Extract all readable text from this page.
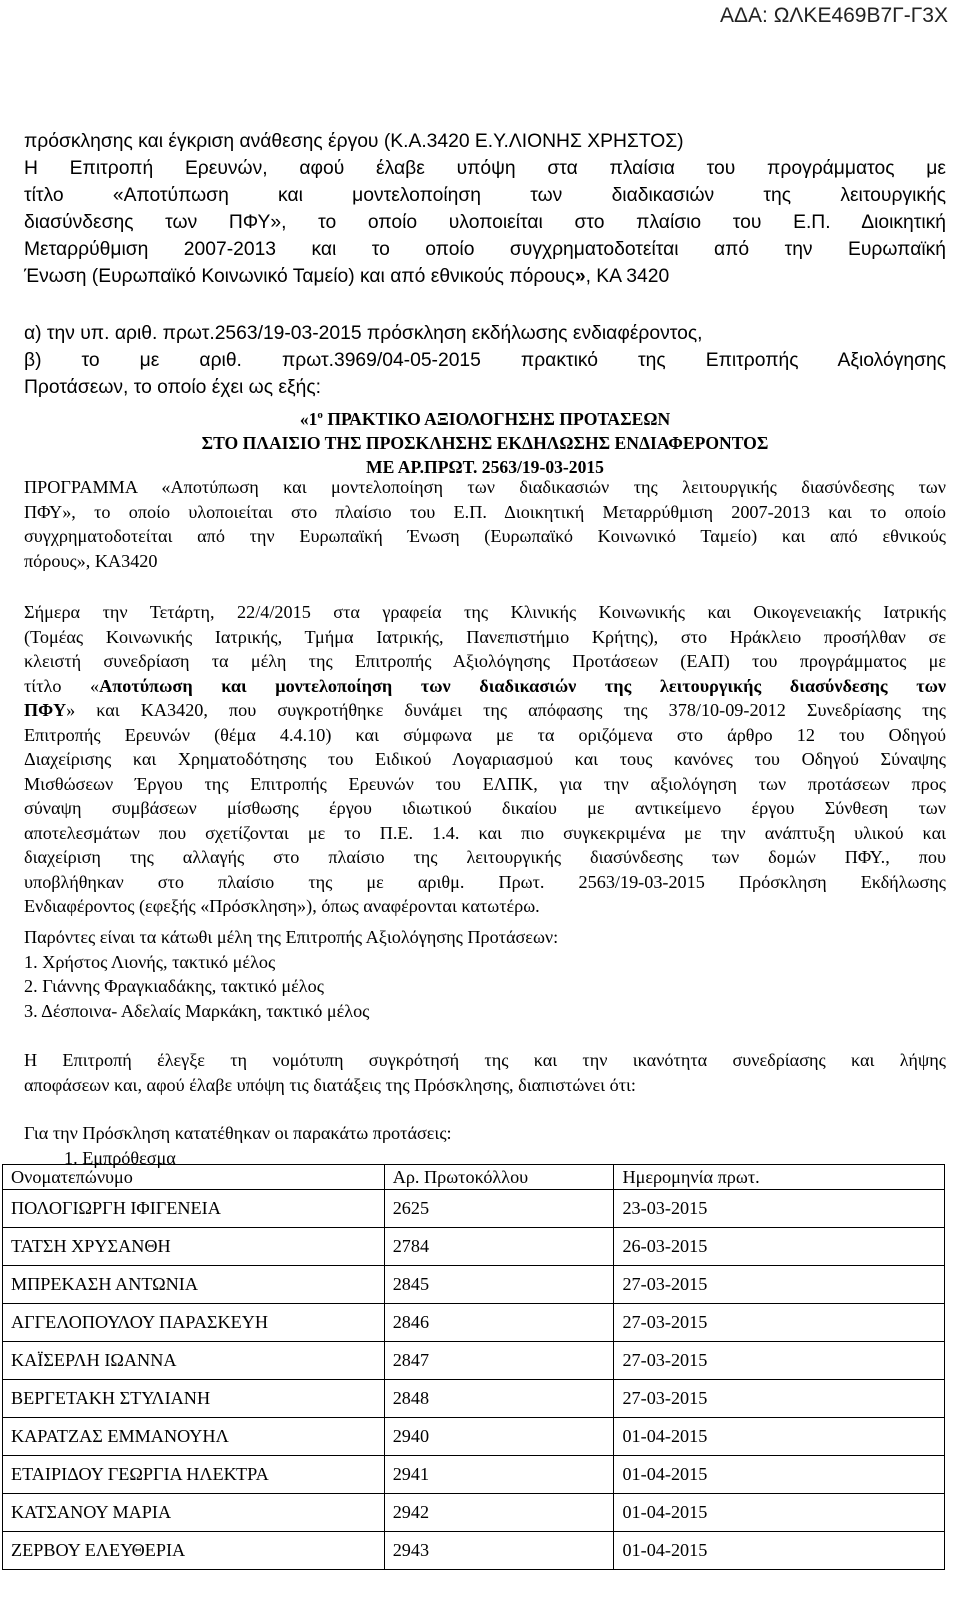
ΑΔΑ: ΩΛΚΕ469Β7Γ-Γ3Χ
πρόσκλησης και έγκριση ανάθεσης έργου (Κ.Α.3420 Ε.Υ.ΛΙΟΝΗΣ ΧΡΗΣΤΟΣ)
Η Επιτροπή Ερευνών, αφού έλαβε υπόψη στα πλαίσια του προγράμματος με
τίτλο «Αποτύπωση και μοντελοποίηση των διαδικασιών της λειτουργικής
διασύνδεσης των ΠΦΥ», το οποίο υλοποιείται στο πλαίσιο του Ε.Π. Διοικητική
Μεταρρύθμιση 2007-2013 και το οποίο συγχρηματοδοτείται από την Ευρωπαϊκή
Ένωση (Ευρωπαϊκό Κοινωνικό Ταμείο) και από εθνικούς πόρους», ΚΑ 3420
α) την υπ. αριθ. πρωτ.2563/19-03-2015 πρόσκληση εκδήλωσης ενδιαφέροντος,
β) το με αριθ. πρωτ.3969/04-05-2015 πρακτικό της Επιτροπής Αξιολόγησης
Προτάσεων, το οποίο έχει ως εξής:
«$1^o$ ΠΡΑΚΤΙΚΟ ΑΞΙΟΛΟΓΗΣΗΣ ΠΡΟΤΑΣΕΩΝ
ΣΤΟ ΠΛΑΙΣΙΟ ΤΗΣ ΠΡΟΣΚΛΗΣΗΣ ΕΚΔΗΛΩΣΗΣ ΕΝΔΙΑΦΕΡΟΝΤΟΣ
ΜΕ ΑΡ.ΠΡΩΤ. 2563/19-03-2015
ΠΡΟΓΡΑΜΜΑ «Αποτύπωση και μοντελοποίηση των διαδικασιών της λειτουργικής διασύνδεσης των
ΠΦΥ», το οποίο υλοποιείται στο πλαίσιο του Ε.Π. Διοικητική Μεταρρύθμιση 2007-2013 και το οποίο
συγχρηματοδοτείται από την Ευρωπαϊκή Ένωση (Ευρωπαϊκό Κοινωνικό Ταμείο) και από εθνικούς
πόρους», ΚΑ3420
Σήμερα την Τετάρτη, 22/4/2015 στα γραφεία της Κλινικής Κοινωνικής και Οικογενειακής Ιατρικής
(Τομέας Κοινωνικής Ιατρικής, Τμήμα Ιατρικής, Πανεπιστήμιο Κρήτης), στο Ηράκλειο προσήλθαν σε
κλειστή συνεδρίαση τα μέλη της Επιτροπής Αξιολόγησης Προτάσεων (ΕΑΠ) του προγράμματος με
τίτλο «Αποτύπωση και μοντελοποίηση των διαδικασιών της λειτουργικής διασύνδεσης των
ΠΦΥ» και ΚΑ3420, που συγκροτήθηκε δυνάμει της απόφασης της 378/10-09-2012 Συνεδρίασης της
Επιτροπής Ερευνών (θέμα 4.4.10) και σύμφωνα με τα οριζόμενα στο άρθρο 12 του Οδηγού
Διαχείρισης και Χρηματοδότησης του Ειδικού Λογαριασμού και τους κανόνες του Οδηγού Σύναψης
Μισθώσεων Έργου της Επιτροπής Ερευνών του ΕΛΠΚ, για την αξιολόγηση των προτάσεων προς
σύναψη συμβάσεων μίσθωσης έργου ιδιωτικού δικαίου με αντικείμενο έργου Σύνθεση των
αποτελεσμάτων που σχετίζονται με το Π.Ε. 1.4. και πιο συγκεκριμένα με την ανάπτυξη υλικού και
διαχείριση της αλλαγής στο πλαίσιο της λειτουργικής διασύνδεσης των δομών ΠΦΥ., που
υποβλήθηκαν στο πλαίσιο της με αριθμ. Πρωτ. 2563/19-03-2015 Πρόσκληση Εκδήλωσης
Ενδιαφέροντος (εφεξής «Πρόσκληση»), όπως αναφέρονται κατωτέρω.
Παρόντες είναι τα κάτωθι μέλη της Επιτροπής Αξιολόγησης Προτάσεων:
1. Χρήστος Λιονής, τακτικό μέλος
2. Γιάννης Φραγκιαδάκης, τακτικό μέλος
3. Δέσποινα- Αδελαίς Μαρκάκη, τακτικό μέλος
Η Επιτροπή έλεγξε τη νομότυπη συγκρότησή της και την ικανότητα συνεδρίασης και λήψης
αποφάσεων και, αφού έλαβε υπόψη τις διατάξεις της Πρόσκλησης, διαπιστώνει ότι:
Για την Πρόσκληση κατατέθηκαν οι παρακάτω προτάσεις:
1. Εμπρόθεσμα
Ονοματεπώνυμο	Αρ. Πρωτοκόλλου	Ημερομηνία πρωτ.
ΠΟΛΟΓΙΩΡΓΗ ΙΦΙΓΕΝΕΙΑ	2625	23-03-2015
ΤΑΤΣΗ ΧΡΥΣΑΝΘΗ	2784	26-03-2015
ΜΠΡΕΚΑΣΗ ΑΝΤΩΝΙΑ	2845	27-03-2015
ΑΓΓΕΛΟΠΟΥΛΟΥ ΠΑΡΑΣΚΕΥΗ	2846	27-03-2015
ΚΑΪΣΕΡΛΗ ΙΩΑΝΝΑ	2847	27-03-2015
ΒΕΡΓΕΤΑΚΗ ΣΤΥΛΙΑΝΗ	2848	27-03-2015
ΚΑΡΑΤΖΑΣ ΕΜΜΑΝΟΥΗΛ	2940	01-04-2015
ΕΤΑΙΡΙΔΟΥ ΓΕΩΡΓΙΑ ΗΛΕΚΤΡΑ	2941	01-04-2015
ΚΑΤΣΑΝΟΥ ΜΑΡΙΑ	2942	01-04-2015
ΖΕΡΒΟΥ ΕΛΕΥΘΕΡΙΑ	2943	01-04-2015
